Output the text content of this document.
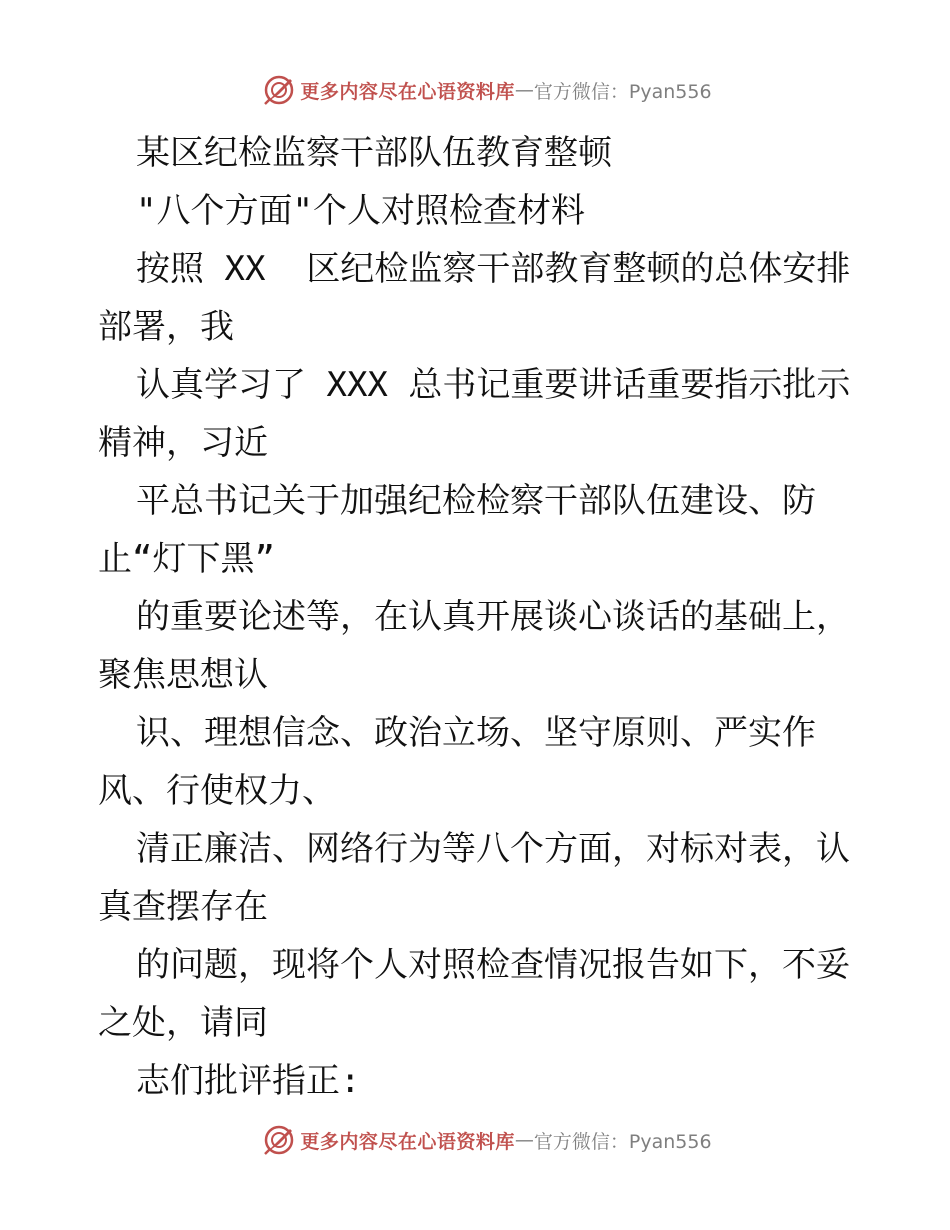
更多内容尽在心语资料库 — 官方微信：Pyan556

某区纪检监察干部队伍教育整顿

"八个方面"个人对照检查材料

按照 XX  区纪检监察干部教育整顿的总体安排

部署，我

认真学习了 XXX 总书记重要讲话重要指示批示

精神，习近

平总书记关于加强纪检检察干部队伍建设、防

止“灯下黑”

的重要论述等，在认真开展谈心谈话的基础上，

聚焦思想认

识、理想信念、政治立场、坚守原则、严实作

风、行使权力、

清正廉洁、网络行为等八个方面，对标对表，认

真查摆存在

的问题，现将个人对照检查情况报告如下，不妥

之处，请同

志们批评指正:

更多内容尽在心语资料库 — 官方微信：Pyan556
